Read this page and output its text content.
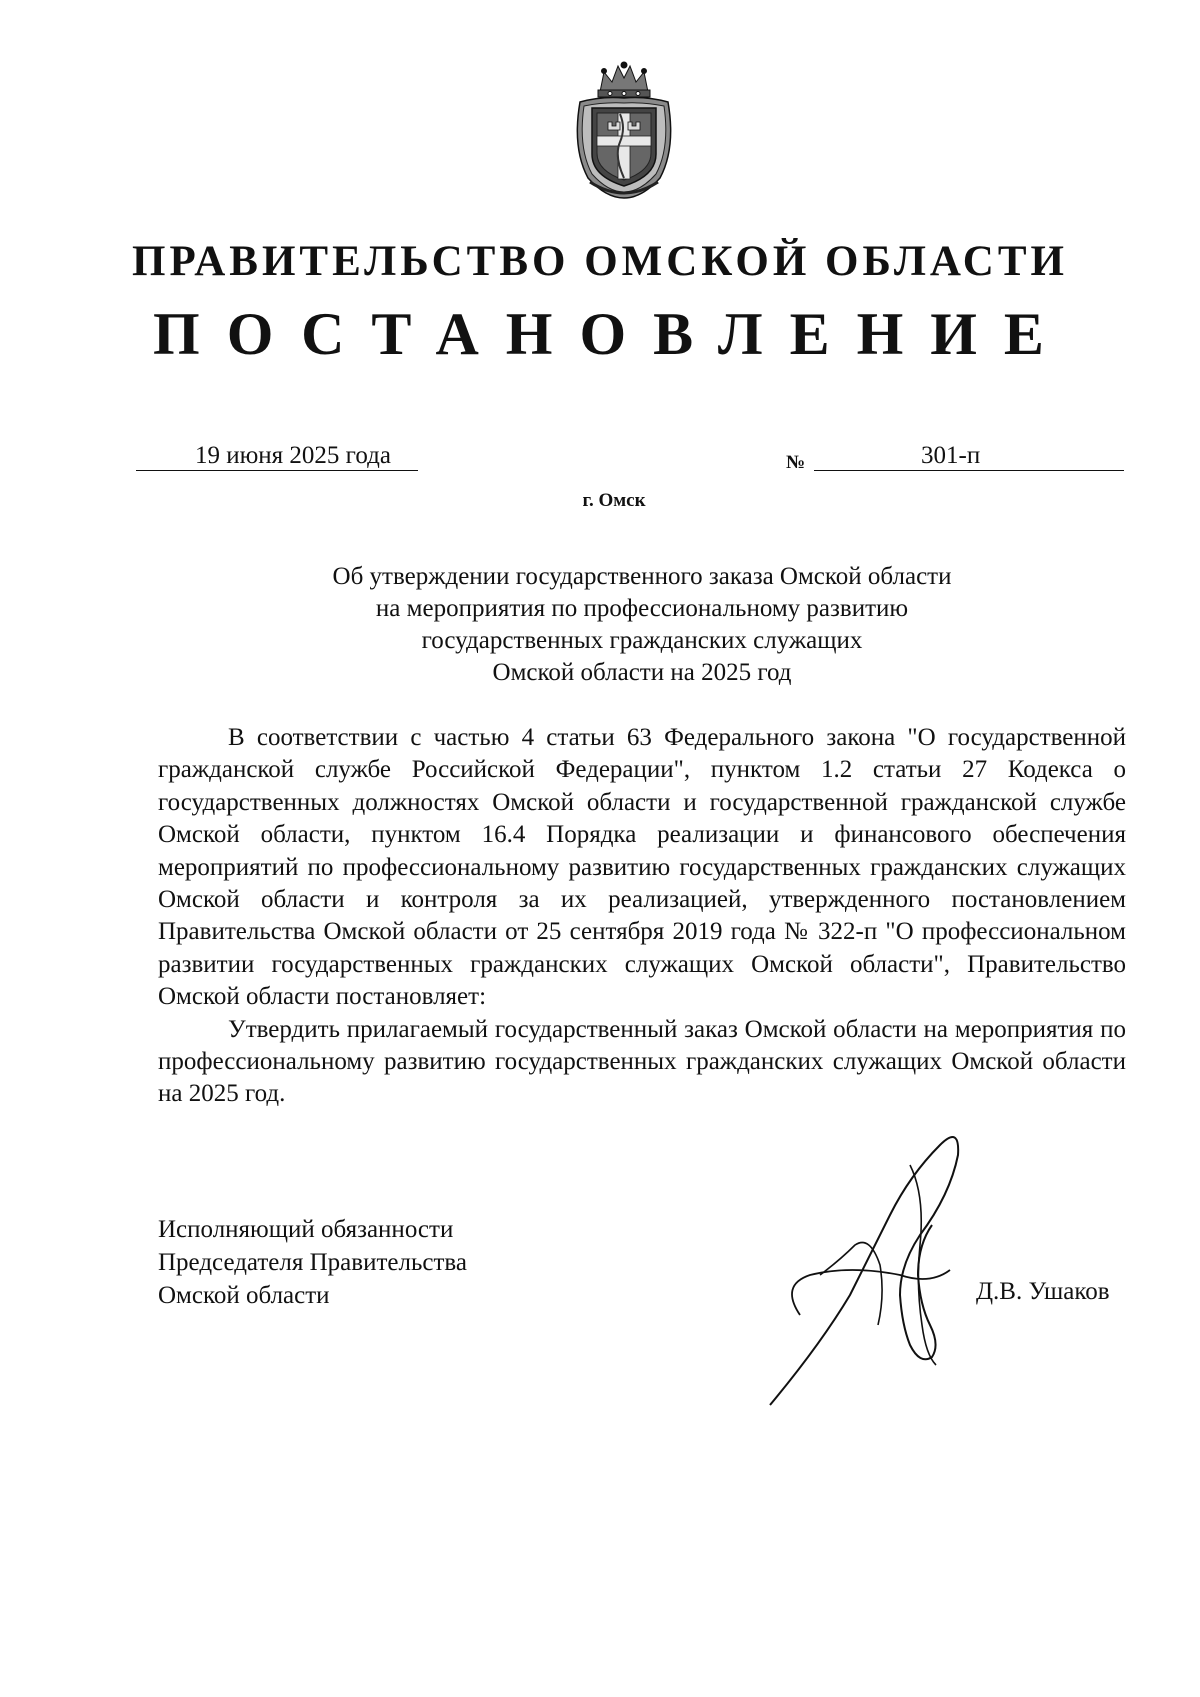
ПРАВИТЕЛЬСТВО ОМСКОЙ ОБЛАСТИ
ПОСТАНОВЛЕНИЕ
19 июня 2025 года	№	301-п
г. Омск
Об утверждении государственного заказа Омской области
на мероприятия по профессиональному развитию
государственных гражданских служащих
Омской области на 2025 год

В соответствии с частью 4 статьи 63 Федерального закона "О государственной гражданской службе Российской Федерации", пунктом 1.2 статьи 27 Кодекса о государственных должностях Омской области и государственной гражданской службе Омской области, пунктом 16.4 Порядка реализации и финансового обеспечения мероприятий по профессиональному развитию государственных гражданских служащих Омской области и контроля за их реализацией, утвержденного постановлением Правительства Омской области от 25 сентября 2019 года № 322-п "О профессиональном развитии государственных гражданских служащих Омской области", Правительство Омской области постановляет:

Утвердить прилагаемый государственный заказ Омской области на мероприятия по профессиональному развитию государственных гражданских служащих Омской области на 2025 год.

Исполняющий обязанности
Председателя Правительства
Омской области	Д.В. Ушаков
